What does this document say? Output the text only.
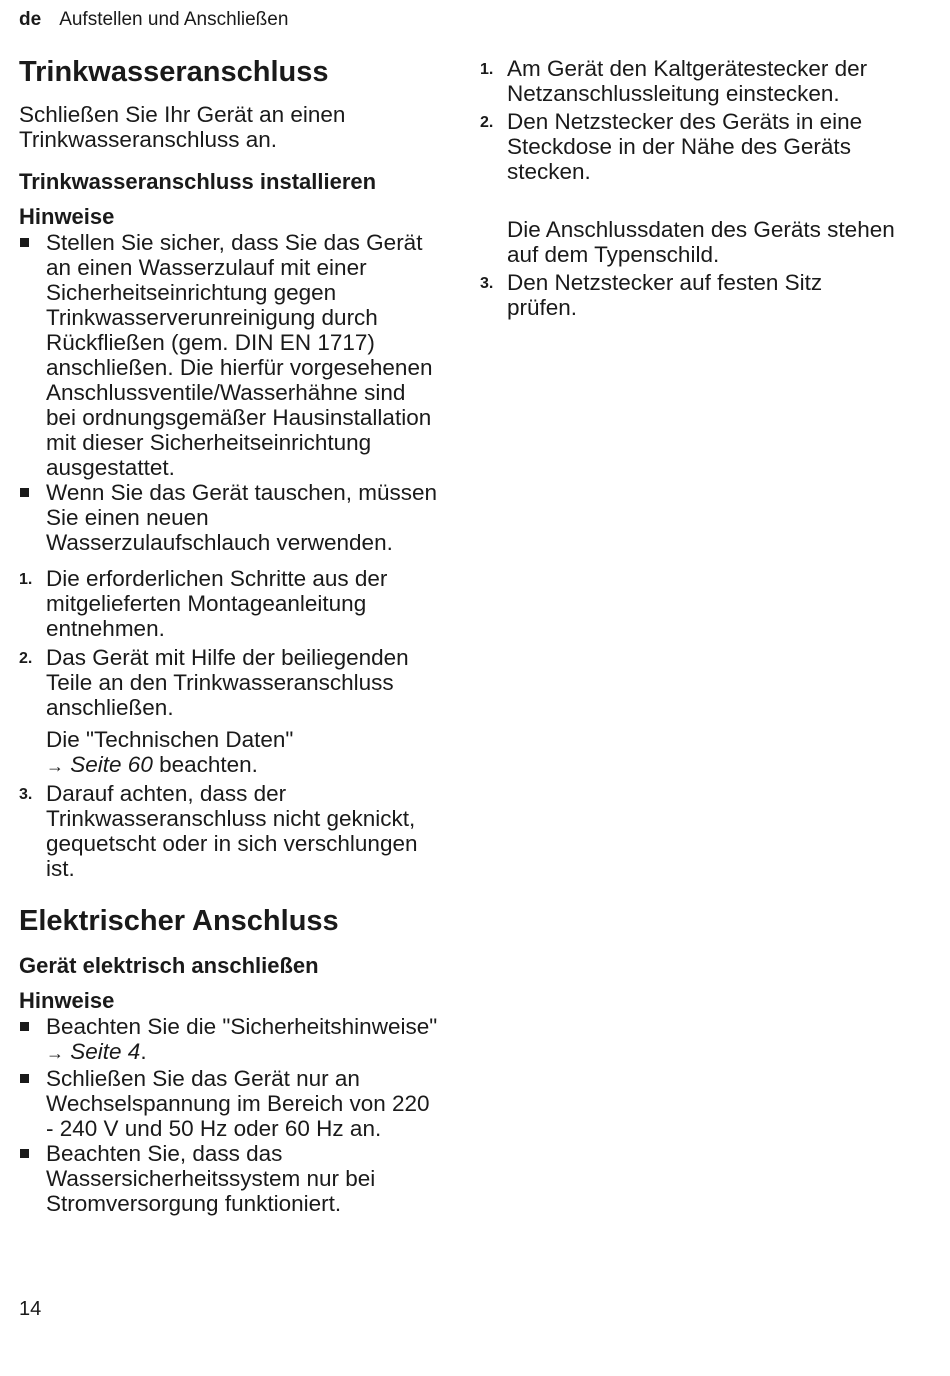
de Aufstellen und Anschließen
Trinkwasseranschluss

Schließen Sie Ihr Gerät an einen Trinkwasseranschluss an.

Trinkwasseranschluss installieren
Hinweise
Stellen Sie sicher, dass Sie das Gerät an einen Wasserzulauf mit einer Sicherheitseinrichtung gegen Trinkwasserverunreinigung durch Rückfließen (gem. DIN EN 1717) anschließen. Die hierfür vorgesehenen Anschlussventile/Wasserhähne sind bei ordnungsgemäßer Hausinstallation mit dieser Sicherheitseinrichtung ausgestattet.
Wenn Sie das Gerät tauschen, müssen Sie einen neuen Wasserzulaufschlauch verwenden.
1. Die erforderlichen Schritte aus der mitgelieferten Montageanleitung entnehmen.
2. Das Gerät mit Hilfe der beiliegenden Teile an den Trinkwasseranschluss anschließen.

Die "Technischen Daten"
→ Seite 60 beachten.

3. Darauf achten, dass der Trinkwasseranschluss nicht geknickt, gequetscht oder in sich verschlungen ist.
Elektrischer Anschluss
Gerät elektrisch anschließen
Hinweise
Beachten Sie die "Sicherheitshinweise" → Seite 4.
Schließen Sie das Gerät nur an Wechselspannung im Bereich von 220 - 240 V und 50 Hz oder 60 Hz an.
Beachten Sie, dass das Wassersicherheitssystem nur bei Stromversorgung funktioniert.
1. Am Gerät den Kaltgerätestecker der Netzanschlussleitung einstecken.
2. Den Netzstecker des Geräts in eine Steckdose in der Nähe des Geräts stecken.

Die Anschlussdaten des Geräts stehen auf dem Typenschild.

3. Den Netzstecker auf festen Sitz prüfen.
14
